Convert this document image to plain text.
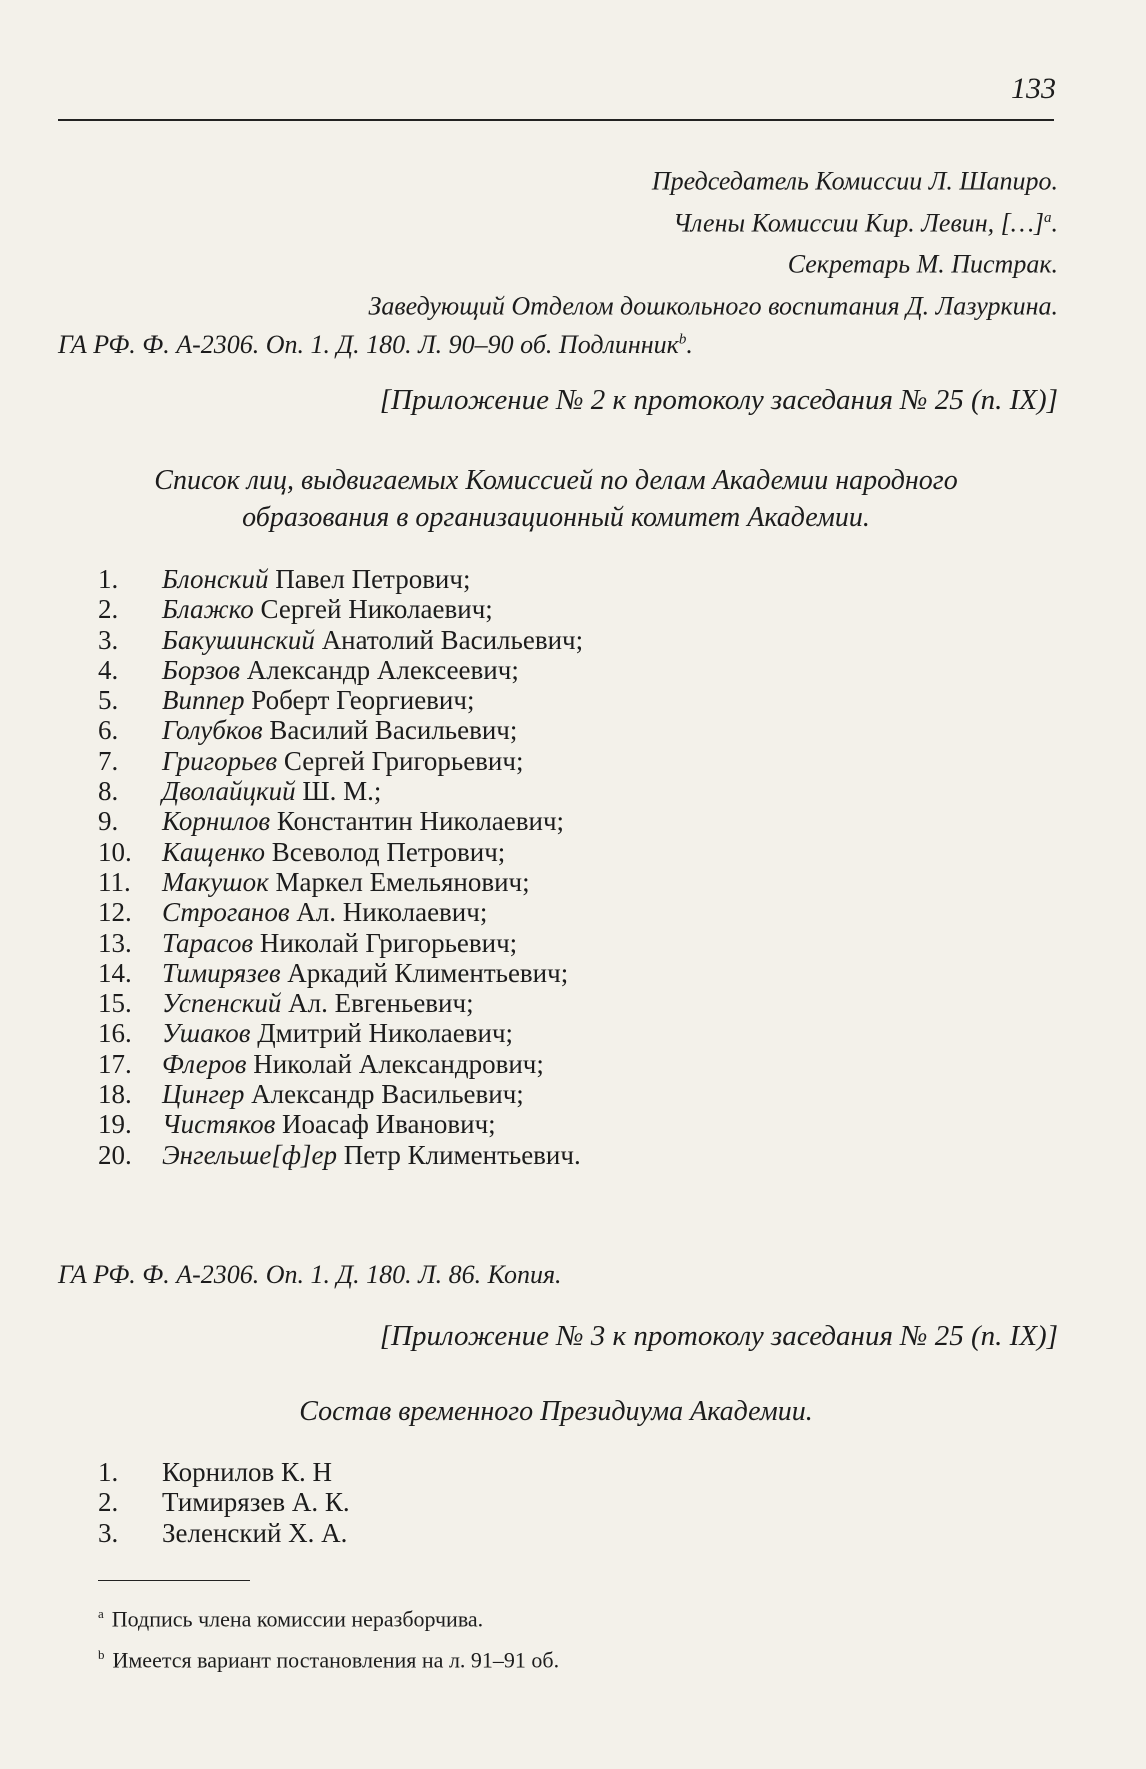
133
Председатель Комиссии Л. Шапиро.
Члены Комиссии Кир. Левин, […]$^a$.
Секретарь М. Пистрак.
Заведующий Отделом дошкольного воспитания Д. Лазуркина.
ГА РФ. Ф. А-2306. Оп. 1. Д. 180. Л. 90–90 об. Подлинник$^b$.
[Приложение № 2 к протоколу заседания № 25 (п. IX)]
Список лиц, выдвигаемых Комиссией по делам Академии народного
образования в организационный комитет Академии.
1. Блонский Павел Петрович;
2. Блажко Сергей Николаевич;
3. Бакушинский Анатолий Васильевич;
4. Борзов Александр Алексеевич;
5. Виппер Роберт Георгиевич;
6. Голубков Василий Васильевич;
7. Григорьев Сергей Григорьевич;
8. Дволайцкий Ш. М.;
9. Корнилов Константин Николаевич;
10. Кащенко Всеволод Петрович;
11. Макушок Маркел Емельянович;
12. Строганов Ал. Николаевич;
13. Тарасов Николай Григорьевич;
14. Тимирязев Аркадий Климентьевич;
15. Успенский Ал. Евгеньевич;
16. Ушаков Дмитрий Николаевич;
17. Флеров Николай Александрович;
18. Цингер Александр Васильевич;
19. Чистяков Иоасаф Иванович;
20. Энгельше[ф]ер Петр Климентьевич.
ГА РФ. Ф. А-2306. Оп. 1. Д. 180. Л. 86. Копия.
[Приложение № 3 к протоколу заседания № 25 (п. IX)]
Состав временного Президиума Академии.
1. Корнилов К. Н
2. Тимирязев А. К.
3. Зеленский Х. А.
$^a$ Подпись члена комиссии неразборчива.
$^b$ Имеется вариант постановления на л. 91–91 об.
